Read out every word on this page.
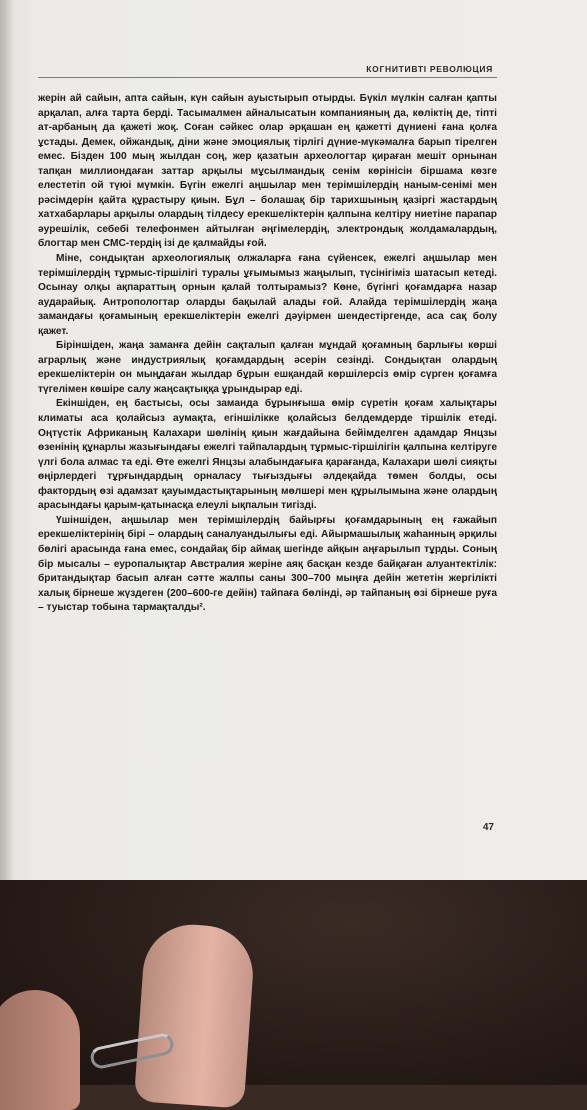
КОГНИТИВТІ РЕВОЛЮЦИЯ

жерін ай сайын, апта сайын, күн сайын ауыстырып отырды. Бүкіл мүлкін салған қапты арқалап, алға тарта берді. Тасымалмен айналысатын компанияның да, көліктің де, тіпті ат-арбаның да қажеті жоқ. Соған сәйкес олар әрқашан ең қажетті дүниені ғана қолға ұстады. Демек, ойжандық, діни және эмоциялық тірлігі дүние-мүкәмалға барып тірелген емес. Бізден 100 мың жылдан соң, жер қазатын археологтар қираған мешіт орнынан тапқан миллиондаған заттар арқылы мұсылмандық сенім көрінісін біршама көзге елестетіп ой түюі мүмкін. Бүгін ежелгі аңшылар мен терімшілердің наным-сенімі мен рәсімдерін қайта құрастыру қиын. Бұл – болашақ бір тарихшының қазіргі жастардың хатхабарлары арқылы олардың тілдесу ерекшеліктерін қалпына келтіру ниетіне парапар әурешілік, себебі телефонмен айтылған әңгімелердің, электрондық жолдамалардың, блогтар мен СМС-тердің ізі де қалмайды ғой.

Міне, сондықтан археологиялық олжаларға ғана сүйенсек, ежелгі аңшылар мен терімшілердің тұрмыс-тіршілігі туралы ұғымымыз жаңылып, түсінігіміз шатасып кетеді. Осынау олқы ақпараттың орнын қалай толтырамыз? Көне, бүгінгі қоғамдарға назар аударайық. Антропологтар оларды бақылай алады ғой. Алайда терімшілердің жаңа замандағы қоғамының ерекшеліктерін ежелгі дәуірмен шендестіргенде, аса сақ болу қажет.

Біріншіден, жаңа заманға дейін сақталып қалған мұндай қоғамның барлығы көрші аграрлық және индустриялық қоғамдардың әсерін сезінді. Сондықтан олардың ерекшеліктерін он мыңдаған жылдар бұрын ешқандай көршілерсіз өмір сүрген қоғамға түгелімен көшіре салу жаңсақтыққа ұрындырар еді.

Екіншіден, ең бастысы, осы заманда бұрынғыша өмір сүретін қоғам халықтары климаты аса қолайсыз аумақта, егіншілікке қолайсыз белдемдерде тіршілік етеді. Оңтүстік Африканың Калахари шөлінің қиын жағдайына бейімделген адамдар Янцзы өзенінің құнарлы жазығындағы ежелгі тайпалардың тұрмыс-тіршілігін қалпына келтіруге үлгі бола алмас та еді. Өте ежелгі Янцзы алабындағыға қарағанда, Калахари шөлі сияқты өңірлердегі тұрғындардың орналасу тығыздығы әлдеқайда төмен болды, осы фактордың өзі адамзат қауымдастықтарының мөлшері мен құрылымына және олардың арасындағы қарым-қатынасқа елеулі ықпалын тигізді.

Үшіншіден, аңшылар мен терімшілердің байырғы қоғамдарының ең ғажайып ерекшеліктерінің бірі – олардың саналуандылығы еді. Айырмашылық жаһанның әрқилы бөлігі арасында ғана емес, сондайақ бір аймақ шегінде айқын аңғарылып тұрды. Соның бір мысалы – еуропалықтар Австралия жеріне аяқ басқан кезде байқаған алуантектілік: британдықтар басып алған сәтте жалпы саны 300–700 мыңға дейін жететін жергілікті халық бірнеше жүздеген (200–600-ге дейін) тайпаға бөлінді, әр тайпаның өзі бірнеше руға – туыстар тобына тармақталды².

47
